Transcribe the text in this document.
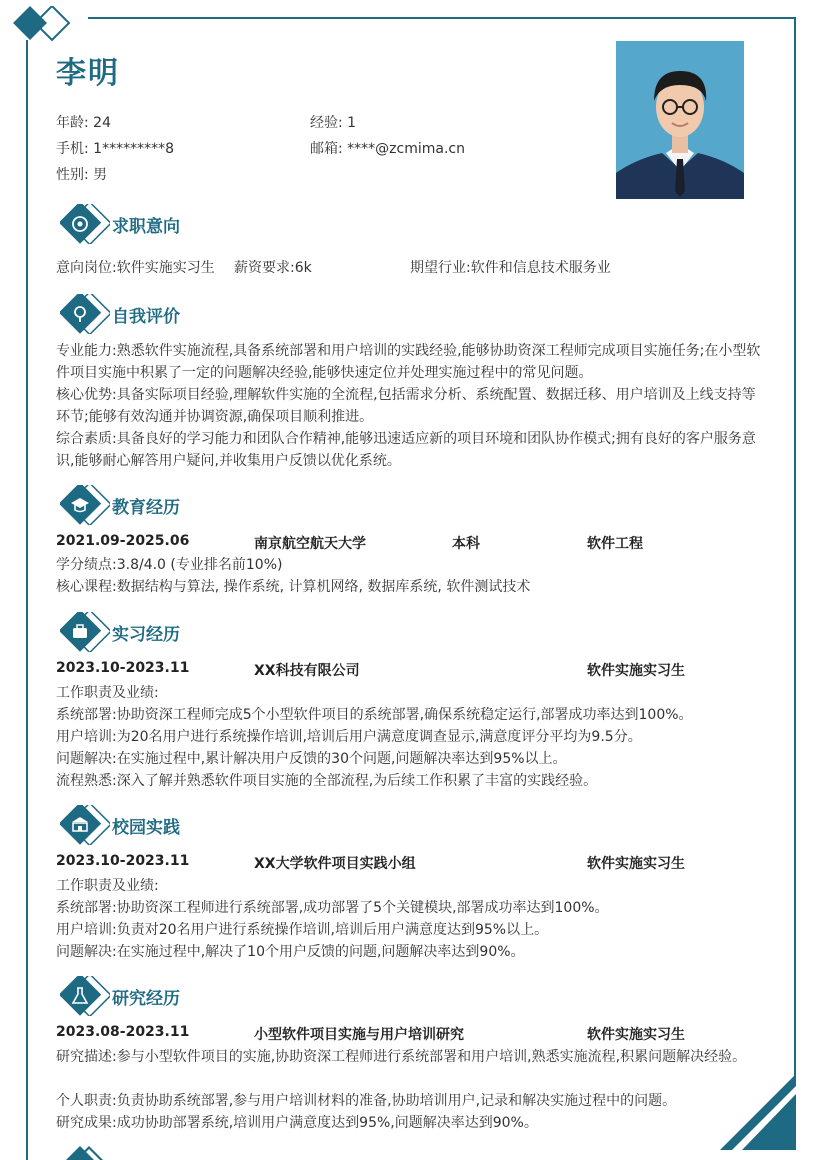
李明
年龄: 24	经验: 1
手机: 1*********8	邮箱: ****@zcmima.cn
性别: 男
求职意向
意向岗位:软件实施实习生 薪资要求:6k	期望行业:软件和信息技术服务业
自我评价
专业能力:熟悉软件实施流程,具备系统部署和用户培训的实践经验,能够协助资深工程师完成项目实施任务;在小型软件项目实施中积累了一定的问题解决经验,能够快速定位并处理实施过程中的常见问题。
核心优势:具备实际项目经验,理解软件实施的全流程,包括需求分析、系统配置、数据迁移、用户培训及上线支持等环节;能够有效沟通并协调资源,确保项目顺利推进。
综合素质:具备良好的学习能力和团队合作精神,能够迅速适应新的项目环境和团队协作模式;拥有良好的客户服务意识,能够耐心解答用户疑问,并收集用户反馈以优化系统。
教育经历
2021.09-2025.06	南京航空航天大学	本科	软件工程
学分绩点:3.8/4.0 (专业排名前10%)
核心课程:数据结构与算法, 操作系统, 计算机网络, 数据库系统, 软件测试技术
实习经历
2023.10-2023.11	XX科技有限公司	软件实施实习生
工作职责及业绩:
系统部署:协助资深工程师完成5个小型软件项目的系统部署,确保系统稳定运行,部署成功率达到100%。
用户培训:为20名用户进行系统操作培训,培训后用户满意度调查显示,满意度评分平均为9.5分。
问题解决:在实施过程中,累计解决用户反馈的30个问题,问题解决率达到95%以上。
流程熟悉:深入了解并熟悉软件项目实施的全部流程,为后续工作积累了丰富的实践经验。
校园实践
2023.10-2023.11	XX大学软件项目实践小组	软件实施实习生
工作职责及业绩:
系统部署:协助资深工程师进行系统部署,成功部署了5个关键模块,部署成功率达到100%。
用户培训:负责对20名用户进行系统操作培训,培训后用户满意度达到95%以上。
问题解决:在实施过程中,解决了10个用户反馈的问题,问题解决率达到90%。
研究经历
2023.08-2023.11	小型软件项目实施与用户培训研究	软件实施实习生
研究描述:参与小型软件项目的实施,协助资深工程师进行系统部署和用户培训,熟悉实施流程,积累问题解决经验。
个人职责:负责协助系统部署,参与用户培训材料的准备,协助培训用户,记录和解决实施过程中的问题。
研究成果:成功协助部署系统,培训用户满意度达到95%,问题解决率达到90%。
